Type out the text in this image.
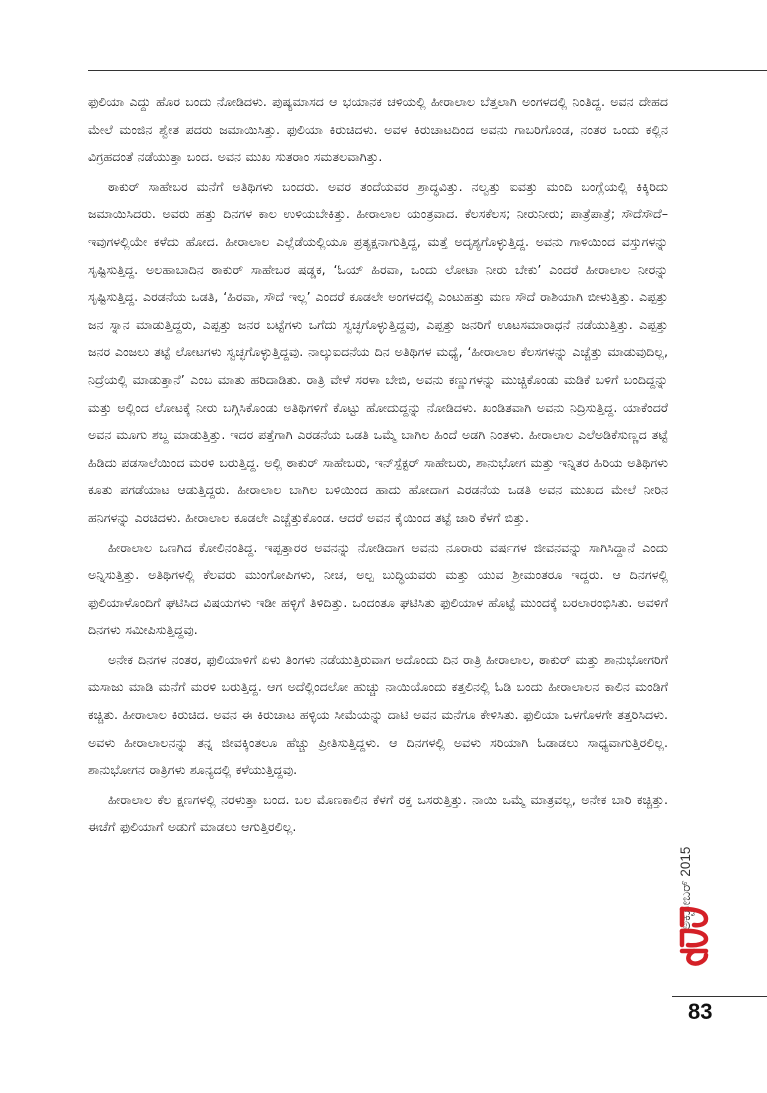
ಫುಲಿಯಾ ಎದ್ದು ಹೊರ ಬಂದು ನೋಡಿದಳು. ಪುಷ್ಯಮಾಸದ ಆ ಭಯಾನಕ ಚಳಿಯಲ್ಲಿ ಹೀರಾಲಾಲ ಬೆತ್ತಲಾಗಿ ಅಂಗಳದಲ್ಲಿ ನಿಂತಿದ್ದ. ಅವನ ದೇಹದ ಮೇಲೆ ಮಂಜಿನ ಶ್ವೇತ ಪದರು ಜಮಾಯಿಸಿತ್ತು. ಫುಲಿಯಾ ಕಿರುಚಿದಳು. ಅವಳ ಕಿರುಚಾಟದಿಂದ ಅವನು ಗಾಬರಿಗೊಂಡ, ನಂತರ ಒಂದು ಕಲ್ಲಿನ ವಿಗ್ರಹದಂತೆ ನಡೆಯುತ್ತಾ ಬಂದ. ಅವನ ಮುಖ ಸುತರಾಂ ಸಮತಲವಾಗಿತ್ತು.

ಠಾಕುರ್ ಸಾಹೇಬರ ಮನೆಗೆ ಅತಿಥಿಗಳು ಬಂದರು. ಅವರ ತಂದೆಯವರ ಶ್ರಾದ್ಧವಿತ್ತು. ನಲ್ವತ್ತು ಐವತ್ತು ಮಂದಿ ಬಂಗ್ಲೆಯಲ್ಲಿ ಕಿಕ್ಕಿರಿದು ಜಮಾಯಿಸಿದರು. ಅವರು ಹತ್ತು ದಿನಗಳ ಕಾಲ ಉಳಿಯಬೇಕಿತ್ತು. ಹೀರಾಲಾಲ ಯಂತ್ರವಾದ. ಕೆಲಸಕೆಲಸ; ನೀರುನೀರು; ಪಾತ್ರೆಪಾತ್ರೆ; ಸೌದೆಸೌದೆ–ಇವುಗಳಲ್ಲಿಯೇ ಕಳೆದು ಹೋದ. ಹೀರಾಲಾಲ ಎಲ್ಲೆಡೆಯಲ್ಲಿಯೂ ಪ್ರತ್ಯಕ್ಷನಾಗುತ್ತಿದ್ದ, ಮತ್ತೆ ಅದೃಶ್ಯಗೊಳ್ಳುತ್ತಿದ್ದ. ಅವನು ಗಾಳಿಯಿಂದ ವಸ್ತುಗಳನ್ನು ಸೃಷ್ಟಿಸುತ್ತಿದ್ದ. ಅಲಹಾಬಾದಿನ ಠಾಕುರ್ ಸಾಹೇಬರ ಷಡ್ಡಕ, ‘ಓಯ್ ಹಿರವಾ, ಒಂದು ಲೋಟಾ ನೀರು ಬೇಕು’ ಎಂದರೆ ಹೀರಾಲಾಲ ನೀರನ್ನು ಸೃಷ್ಟಿಸುತ್ತಿದ್ದ. ಎರಡನೆಯ ಒಡತಿ, ‘ಹಿರವಾ, ಸೌದೆ ಇಲ್ಲ’ ಎಂದರೆ ಕೂಡಲೇ ಅಂಗಳದಲ್ಲಿ ಎಂಟುಹತ್ತು ಮಣ ಸೌದೆ ರಾಶಿಯಾಗಿ ಬೀಳುತ್ತಿತ್ತು. ಎಪ್ಪತ್ತು ಜನ ಸ್ನಾನ ಮಾಡುತ್ತಿದ್ದರು, ಎಪ್ಪತ್ತು ಜನರ ಬಟ್ಟೆಗಳು ಒಗೆದು ಸ್ವಚ್ಛಗೊಳ್ಳುತ್ತಿದ್ದವು, ಎಪ್ಪತ್ತು ಜನರಿಗೆ ಊಟಸಮಾರಾಧನೆ ನಡೆಯುತ್ತಿತ್ತು. ಎಪ್ಪತ್ತು ಜನರ ಎಂಜಲು ತಟ್ಟೆ ಲೋಟಗಳು ಸ್ವಚ್ಛಗೊಳ್ಳುತ್ತಿದ್ದವು. ನಾಲ್ಕುಐದನೆಯ ದಿನ ಅತಿಥಿಗಳ ಮಧ್ಯೆ, ‘ಹೀರಾಲಾಲ ಕೆಲಸಗಳನ್ನು ಎಚ್ಚೆತ್ತು ಮಾಡುವುದಿಲ್ಲ, ನಿದ್ರೆಯಲ್ಲಿ ಮಾಡುತ್ತಾನೆ’ ಎಂಬ ಮಾತು ಹರಿದಾಡಿತು. ರಾತ್ರಿ ವೇಳೆ ಸರಳಾ ಬೇಬಿ, ಅವನು ಕಣ್ಣುಗಳನ್ನು ಮುಚ್ಚಿಕೊಂಡು ಮಡಿಕೆ ಬಳಿಗೆ ಬಂದಿದ್ದನ್ನು ಮತ್ತು ಅಲ್ಲಿಂದ ಲೋಟಕ್ಕೆ ನೀರು ಬಗ್ಗಿಸಿಕೊಂಡು ಅತಿಥಿಗಳಿಗೆ ಕೊಟ್ಟು ಹೋದುದ್ದನ್ನು ನೋಡಿದಳು. ಖಂಡಿತವಾಗಿ ಅವನು ನಿದ್ರಿಸುತ್ತಿದ್ದ. ಯಾಕೆಂದರೆ ಅವನ ಮೂಗು ಶಬ್ದ ಮಾಡುತ್ತಿತ್ತು. ಇದರ ಪತ್ತೆಗಾಗಿ ಎರಡನೆಯ ಒಡತಿ ಒಮ್ಮೆ ಬಾಗಿಲ ಹಿಂದೆ ಅಡಗಿ ನಿಂತಳು. ಹೀರಾಲಾಲ ಎಲೆಅಡಿಕೆಸುಣ್ಣದ ತಟ್ಟೆ ಹಿಡಿದು ಪಡಸಾಲೆಯಿಂದ ಮರಳಿ ಬರುತ್ತಿದ್ದ. ಅಲ್ಲಿ ಠಾಕುರ್ ಸಾಹೇಬರು, ಇನ್‌ಸ್ಪೆಕ್ಟರ್ ಸಾಹೇಬರು, ಶಾನುಭೋಗ ಮತ್ತು ಇನ್ನಿತರ ಹಿರಿಯ ಅತಿಥಿಗಳು ಕೂತು ಪಗಡೆಯಾಟ ಆಡುತ್ತಿದ್ದರು. ಹೀರಾಲಾಲ ಬಾಗಿಲ ಬಳಿಯಿಂದ ಹಾದು ಹೋದಾಗ ಎರಡನೆಯ ಒಡತಿ ಅವನ ಮುಖದ ಮೇಲೆ ನೀರಿನ ಹನಿಗಳನ್ನು ಎರಚಿದಳು. ಹೀರಾಲಾಲ ಕೂಡಲೇ ಎಚ್ಚೆತ್ತುಕೊಂಡ. ಆದರೆ ಅವನ ಕೈಯಿಂದ ತಟ್ಟೆ ಜಾರಿ ಕೆಳಗೆ ಬಿತ್ತು.

ಹೀರಾಲಾಲ ಒಣಗಿದ ಕೋಲಿನಂತಿದ್ದ. ಇಪ್ಪತ್ತಾರರ ಅವನನ್ನು ನೋಡಿದಾಗ ಅವನು ನೂರಾರು ವರ್ಷಗಳ ಜೀವನವನ್ನು ಸಾಗಿಸಿದ್ದಾನೆ ಎಂದು ಅನ್ನಿಸುತ್ತಿತ್ತು. ಅತಿಥಿಗಳಲ್ಲಿ ಕೆಲವರು ಮುಂಗೋಪಿಗಳು, ನೀಚ, ಅಲ್ಪ ಬುದ್ಧಿಯವರು ಮತ್ತು ಯುವ ಶ್ರೀಮಂತರೂ ಇದ್ದರು. ಆ ದಿನಗಳಲ್ಲಿ ಫುಲಿಯಾಳೊಂದಿಗೆ ಘಟಿಸಿದ ವಿಷಯಗಳು ಇಡೀ ಹಳ್ಳಿಗೆ ತಿಳಿದಿತ್ತು. ಒಂದಂತೂ ಘಟಿಸಿತು ಫುಲಿಯಾಳ ಹೊಟ್ಟೆ ಮುಂದಕ್ಕೆ ಬರಲಾರಂಭಿಸಿತು. ಅವಳಿಗೆ ದಿನಗಳು ಸಮೀಪಿಸುತ್ತಿದ್ದವು.

ಅನೇಕ ದಿನಗಳ ನಂತರ, ಫುಲಿಯಾಳಿಗೆ ಏಳು ತಿಂಗಳು ನಡೆಯುತ್ತಿರುವಾಗ ಅದೊಂದು ದಿನ ರಾತ್ರಿ ಹೀರಾಲಾಲ, ಠಾಕುರ್ ಮತ್ತು ಶಾನುಭೋಗರಿಗೆ ಮಸಾಜು ಮಾಡಿ ಮನೆಗೆ ಮರಳಿ ಬರುತ್ತಿದ್ದ. ಆಗ ಅದೆಲ್ಲಿಂದಲೋ ಹುಚ್ಚು ನಾಯಿಯೊಂದು ಕತ್ತಲಿನಲ್ಲಿ ಓಡಿ ಬಂದು ಹೀರಾಲಾಲನ ಕಾಲಿನ ಮಂಡಿಗೆ ಕಚ್ಚಿತು. ಹೀರಾಲಾಲ ಕಿರುಚಿದ. ಅವನ ಈ ಕಿರುಚಾಟ ಹಳ್ಳಿಯ ಸೀಮೆಯನ್ನು ದಾಟಿ ಅವನ ಮನೆಗೂ ಕೇಳಿಸಿತು. ಫುಲಿಯಾ ಒಳಗೊಳಗೇ ತತ್ತರಿಸಿದಳು. ಅವಳು ಹೀರಾಲಾಲನನ್ನು ತನ್ನ ಜೀವಕ್ಕಿಂತಲೂ ಹೆಚ್ಚು ಪ್ರೀತಿಸುತ್ತಿದ್ದಳು. ಆ ದಿನಗಳಲ್ಲಿ ಅವಳು ಸರಿಯಾಗಿ ಓಡಾಡಲು ಸಾಧ್ಯವಾಗುತ್ತಿರಲಿಲ್ಲ. ಶಾನುಭೋಗನ ರಾತ್ರಿಗಳು ಶೂನ್ಯದಲ್ಲಿ ಕಳೆಯುತ್ತಿದ್ದವು.

ಹೀರಾಲಾಲ ಕೆಲ ಕ್ಷಣಗಳಲ್ಲಿ ನರಳುತ್ತಾ ಬಂದ. ಬಲ ಮೊಣಕಾಲಿನ ಕೆಳಗೆ ರಕ್ತ ಒಸರುತ್ತಿತ್ತು. ನಾಯಿ ಒಮ್ಮೆ ಮಾತ್ರವಲ್ಲ, ಅನೇಕ ಬಾರಿ ಕಚ್ಚಿತ್ತು. ಈಚೆಗೆ ಫುಲಿಯಾಗೆ ಅಡುಗೆ ಮಾಡಲು ಆಗುತ್ತಿರಲಿಲ್ಲ.

ಅಕ್ಟೋಬರ್ 2015
83
